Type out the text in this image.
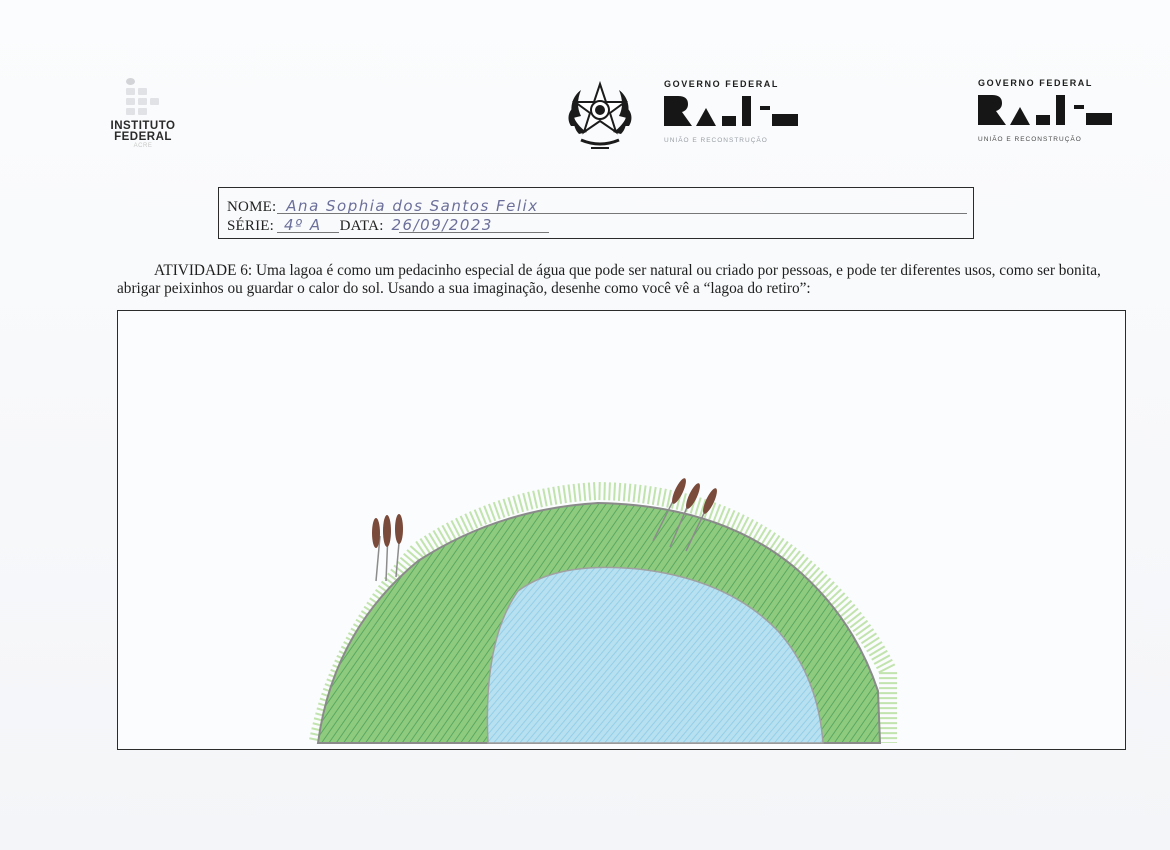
INSTITUTO
FEDERAL
ACRE
GOVERNO FEDERAL
UNIÃO E RECONSTRUÇÃO
GOVERNO FEDERAL
UNIÃO E RECONSTRUÇÃO
NOME: Ana Sophia dos Santos Felix
SÉRIE: 4º A DATA: 26/09/2023
ATIVIDADE 6: Uma lagoa é como um pedacinho especial de água que pode ser natural ou criado por pessoas, e pode ter diferentes usos, como ser bonita, abrigar peixinhos ou guardar o calor do sol. Usando a sua imaginação, desenhe como você vê a “lagoa do retiro”:
